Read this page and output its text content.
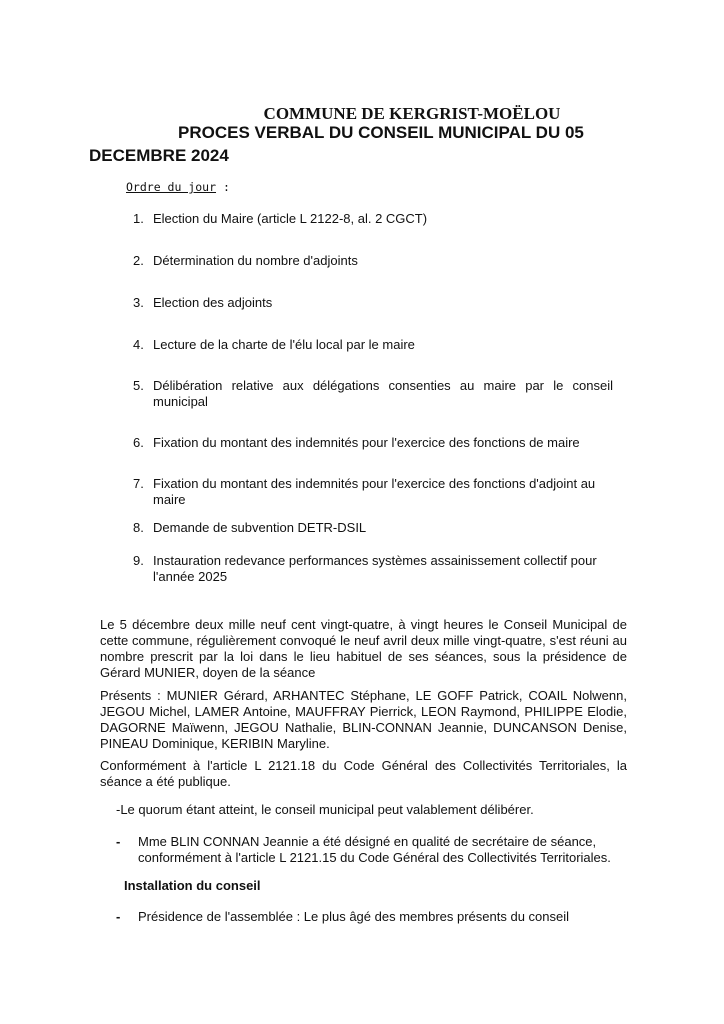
COMMUNE DE KERGRIST-MOËLOU
PROCES VERBAL DU CONSEIL MUNICIPAL DU 05
DECEMBRE 2024
Ordre du jour :
1. Election du Maire (article L 2122-8, al. 2 CGCT)
2. Détermination du nombre d'adjoints
3. Election des adjoints
4. Lecture de la charte de l'élu local par le maire
5. Délibération relative aux délégations consenties au maire par le conseil municipal
6. Fixation du montant des indemnités pour l'exercice des fonctions de maire
7. Fixation du montant des indemnités pour l'exercice des fonctions d'adjoint au maire
8. Demande de subvention DETR-DSIL
9. Instauration redevance performances systèmes assainissement collectif pour l'année 2025
Le 5 décembre deux mille neuf cent vingt-quatre, à vingt heures le Conseil Municipal de cette commune, régulièrement convoqué le neuf avril deux mille vingt-quatre, s'est réuni au nombre prescrit par la loi dans le lieu habituel de ses séances, sous la présidence de Gérard MUNIER, doyen de la séance
Présents : MUNIER Gérard, ARHANTEC Stéphane, LE GOFF Patrick, COAIL Nolwenn, JEGOU Michel, LAMER Antoine, MAUFFRAY Pierrick, LEON Raymond, PHILIPPE Elodie, DAGORNE Maïwenn, JEGOU Nathalie, BLIN-CONNAN Jeannie, DUNCANSON Denise, PINEAU Dominique, KERIBIN Maryline.
Conformément à l'article L 2121.18 du Code Général des Collectivités Territoriales, la séance a été publique.
-Le quorum étant atteint, le conseil municipal peut valablement délibérer.
-	Mme BLIN CONNAN Jeannie a été désigné en qualité de secrétaire de séance, conformément à l'article L 2121.15 du Code Général des Collectivités Territoriales.
Installation du conseil
-	Présidence de l'assemblée : Le plus âgé des membres présents du conseil
